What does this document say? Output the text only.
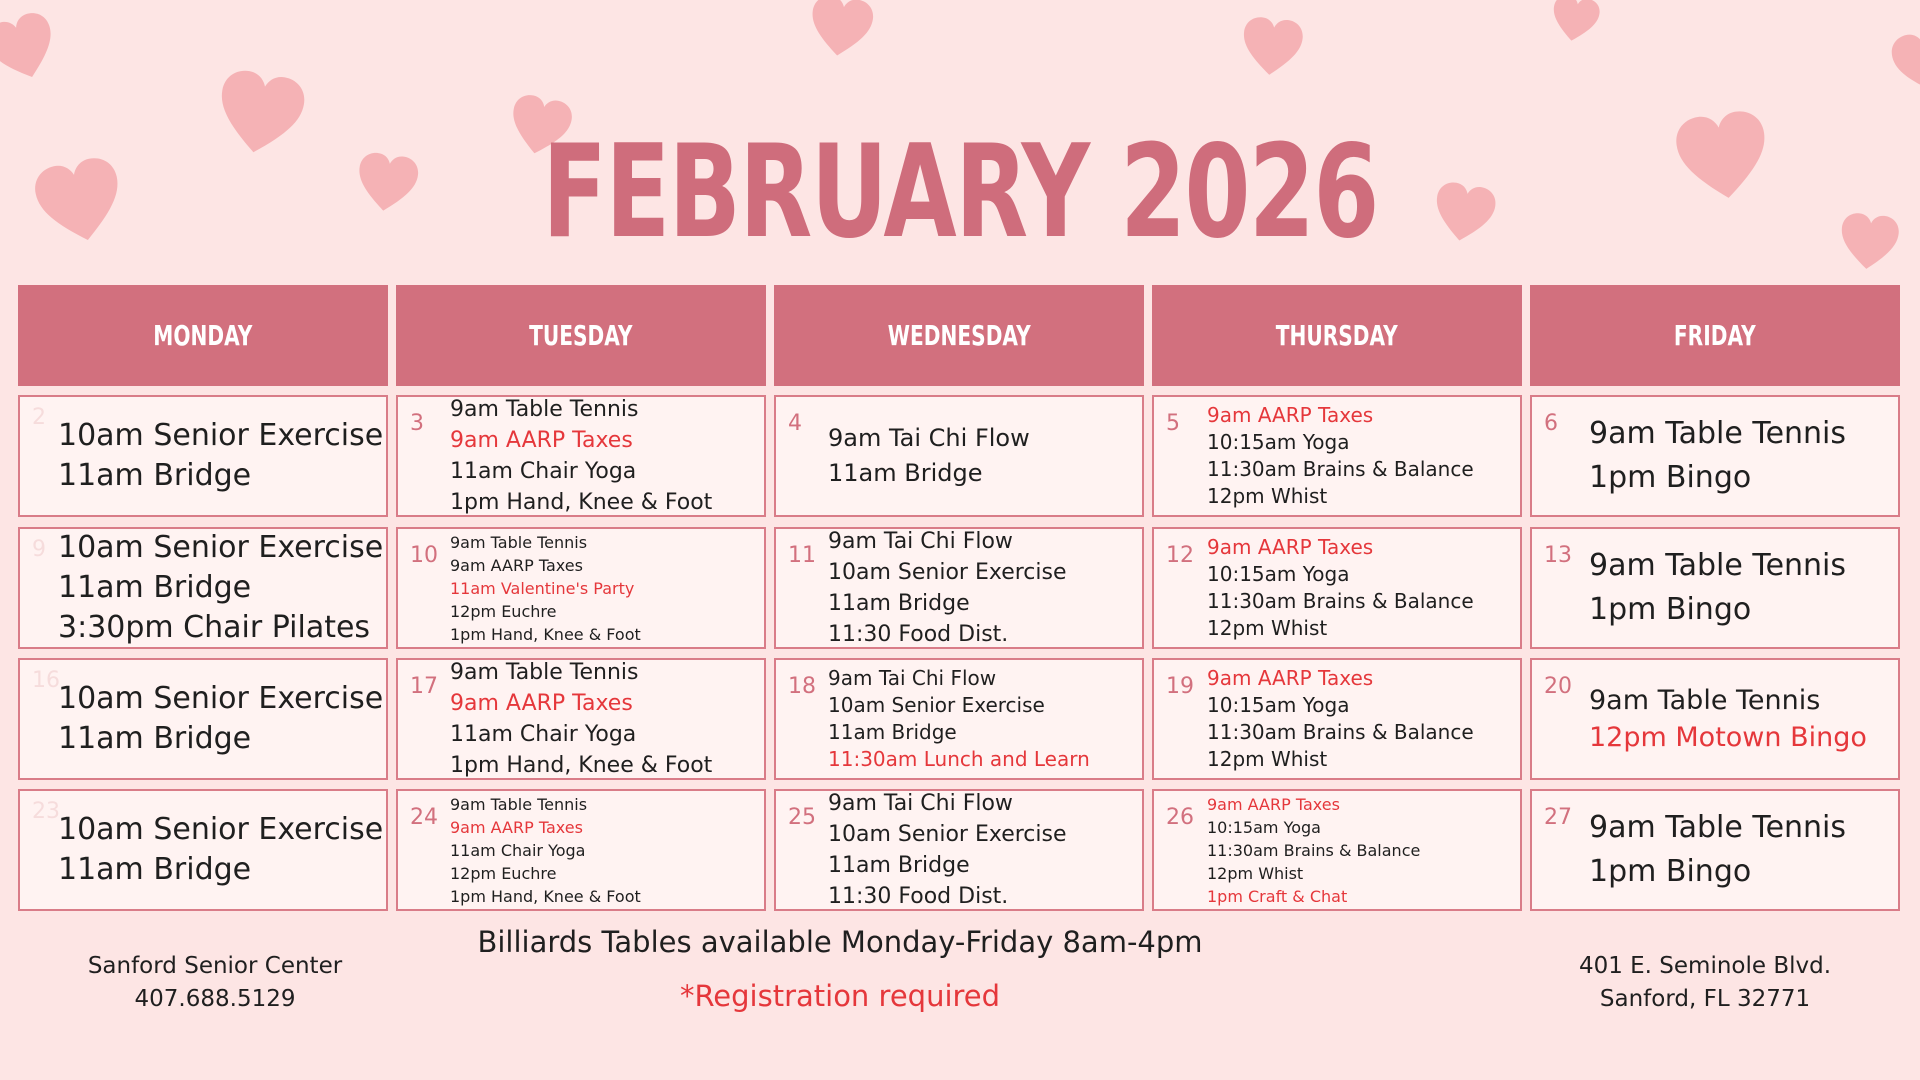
FEBRUARY 2026
MONDAY	TUESDAY	WEDNESDAY	THURSDAY	FRIDAY
2
10am Senior Exercise
11am Bridge
3
9am Table Tennis
9am AARP Taxes
11am Chair Yoga
1pm Hand, Knee & Foot
4
9am Tai Chi Flow
11am Bridge
5 9am AARP Taxes
10:15am Yoga
11:30am Brains & Balance
12pm Whist
6 9am Table Tennis
1pm Bingo
9 10am Senior Exercise
11am Bridge
3:30pm Chair Pilates
10
9am Table Tennis
9am AARP Taxes
11am Valentine's Party
12pm Euchre
1pm Hand, Knee & Foot
11
9am Tai Chi Flow
10am Senior Exercise
11am Bridge
11:30 Food Dist.
12 9am AARP Taxes
10:15am Yoga
11:30am Brains & Balance
12pm Whist
13 9am Table Tennis
1pm Bingo
16
10am Senior Exercise
11am Bridge
17
9am Table Tennis
9am AARP Taxes
11am Chair Yoga
1pm Hand, Knee & Foot
18 9am Tai Chi Flow
10am Senior Exercise
11am Bridge
11:30am Lunch and Learn
19 9am AARP Taxes
10:15am Yoga
11:30am Brains & Balance
12pm Whist
20 9am Table Tennis
12pm Motown Bingo
23
10am Senior Exercise
11am Bridge
24
9am Table Tennis
9am AARP Taxes
11am Chair Yoga
12pm Euchre
1pm Hand, Knee & Foot
25
9am Tai Chi Flow
10am Senior Exercise
11am Bridge
11:30 Food Dist.
26
9am AARP Taxes
10:15am Yoga
11:30am Brains & Balance
12pm Whist
1pm Craft & Chat
27 9am Table Tennis
1pm Bingo
Sanford Senior Center
407.688.5129
Billiards Tables available Monday-Friday 8am-4pm
*Registration required
401 E. Seminole Blvd.
Sanford, FL 32771
